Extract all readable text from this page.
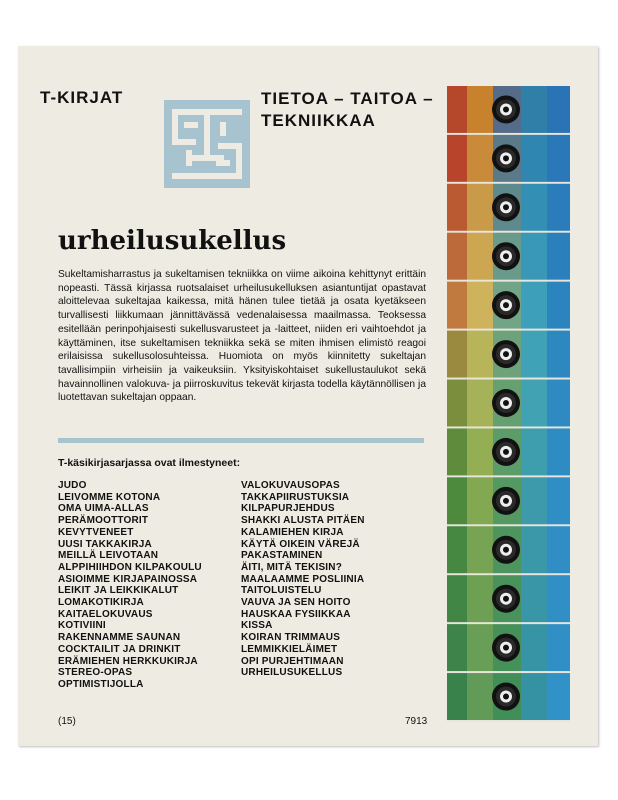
T-KIRJAT	TIETOA – TAITOA –
TEKNIIKKAA
urheilusukellus
Sukeltamisharrastus ja sukeltamisen tekniikka on viime aikoina kehittynyt erittäin nopeasti. Tässä kirjassa ruotsalaiset urheilusukelluksen asiantuntijat opastavat aloittelevaa sukeltajaa kaikessa, mitä hänen tulee tietää ja osata kyetäkseen turvallisesti liikkumaan jännittävässä vedenalaisessa maailmassa. Teoksessa esitellään perinpohjaisesti sukellusvarusteet ja -laitteet, niiden eri vaihtoehdot ja käyttäminen, itse sukeltamisen tekniikka sekä se miten ihmisen elimistö reagoi erilaisissa sukellusolosuhteissa. Huomiota on myös kiinnitetty sukeltajan tavallisimpiin virheisiin ja vaikeuksiin. Yksityiskohtaiset sukellustaulukot sekä havainnollinen valokuva- ja piirroskuvitus tekevät kirjasta todella käytännöllisen ja luotettavan sukeltajan oppaan.
T-käsikirjasarjassa ovat ilmestyneet:
JUDO
LEIVOMME KOTONA
OMA UIMA-ALLAS
PERÄMOOTTORIT
KEVYTVENEET
UUSI TAKKAKIRJA
MEILLÄ LEIVOTAAN
ALPPIHIIHDON KILPAKOULU
ASIOIMME KIRJAPAINOSSA
LEIKIT JA LEIKKIKALUT
LOMAKOTIKIRJA
KAITAELOKUVAUS
KOTIVIINI
RAKENNAMME SAUNAN
COCKTAILIT JA DRINKIT
ERÄMIEHEN HERKKUKIRJA
STEREO-OPAS
OPTIMISTIJOLLA
VALOKUVAUSOPAS
TAKKAPIIRUSTUKSIA
KILPAPURJEHDUS
SHAKKI ALUSTA PITÄEN
KALAMIEHEN KIRJA
KÄYTÄ OIKEIN VÄREJÄ
PAKASTAMINEN
ÄITI, MITÄ TEKISIN?
MAALAAMME POSLIINIA
TAITOLUISTELU
VAUVA JA SEN HOITO
HAUSKAA FYSIIKKAA
KISSA
KOIRAN TRIMMAUS
LEMMIKKIELÄIMET
OPI PURJEHTIMAAN
URHEILUSUKELLUS
(15)	7913
